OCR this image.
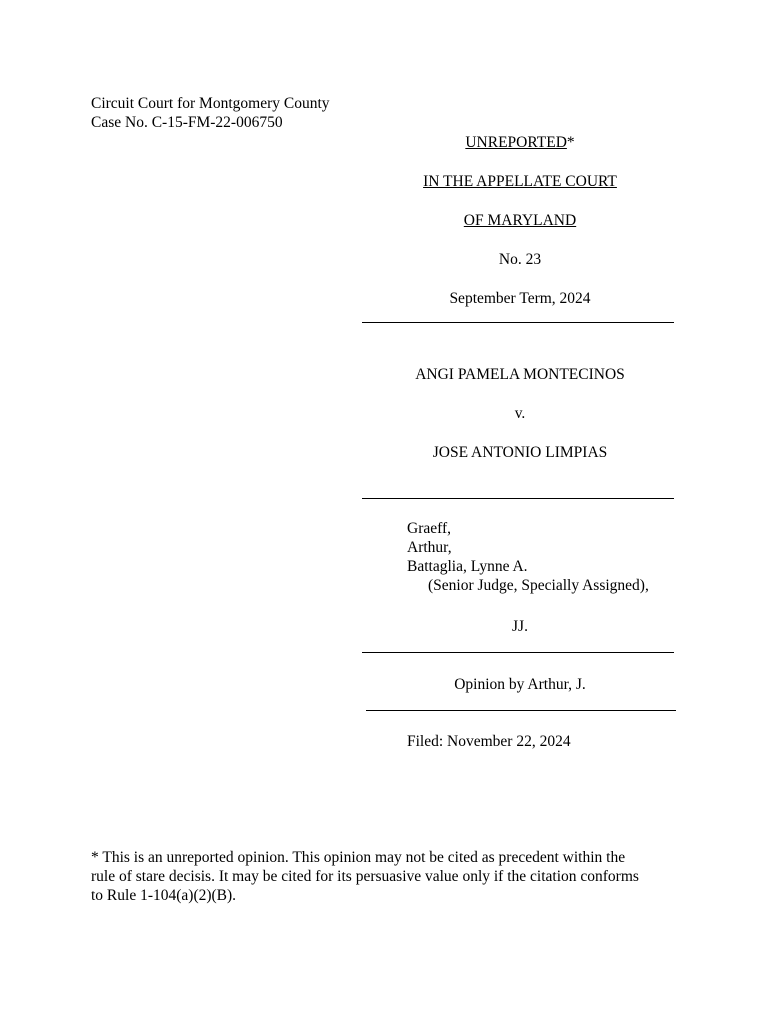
Circuit Court for Montgomery County
Case No. C-15-FM-22-006750
UNREPORTED*
IN THE APPELLATE COURT
OF MARYLAND
No. 23
September Term, 2024
ANGI PAMELA MONTECINOS
v.
JOSE ANTONIO LIMPIAS
Graeff,
Arthur,
Battaglia, Lynne A.
(Senior Judge, Specially Assigned),
JJ.
Opinion by Arthur, J.
Filed: November 22, 2024
* This is an unreported opinion. This opinion may not be cited as precedent within the
rule of stare decisis. It may be cited for its persuasive value only if the citation conforms
to Rule 1-104(a)(2)(B).
